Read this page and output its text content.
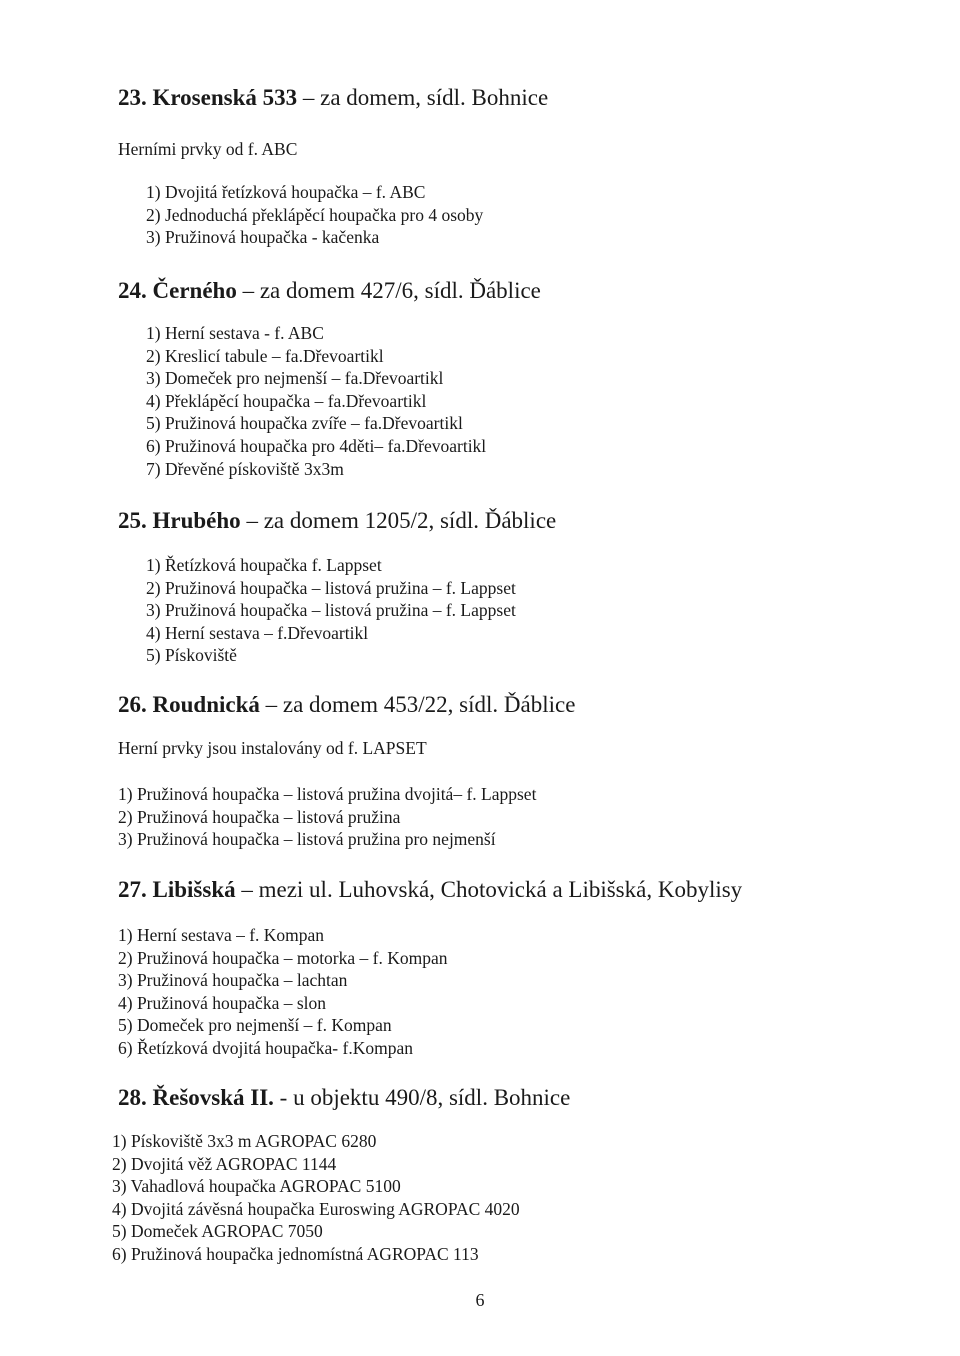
23. Krosenská 533 – za domem, sídl. Bohnice
Herními prvky od f. ABC
1) Dvojitá řetízková houpačka – f. ABC
2) Jednoduchá překlápěcí houpačka pro 4 osoby
3) Pružinová houpačka - kačenka
24. Černého – za domem 427/6, sídl. Ďáblice
1) Herní sestava - f. ABC
2) Kreslicí tabule – fa.Dřevoartikl
3) Domeček pro nejmenší – fa.Dřevoartikl
4) Překlápěcí houpačka – fa.Dřevoartikl
5) Pružinová houpačka zvíře – fa.Dřevoartikl
6) Pružinová houpačka pro 4děti– fa.Dřevoartikl
7) Dřevěné pískoviště 3x3m
25. Hrubého – za domem 1205/2, sídl. Ďáblice
1) Řetízková houpačka f. Lappset
2) Pružinová houpačka – listová pružina – f. Lappset
3) Pružinová houpačka – listová pružina – f. Lappset
4) Herní sestava – f.Dřevoartikl
5) Pískoviště
26. Roudnická – za domem 453/22, sídl. Ďáblice
Herní prvky jsou instalovány od f. LAPSET
1) Pružinová houpačka – listová pružina dvojitá– f. Lappset
2) Pružinová houpačka – listová pružina
3) Pružinová houpačka – listová pružina pro nejmenší
27. Libišská – mezi ul. Luhovská, Chotovická a Libišská, Kobylisy
1) Herní sestava – f. Kompan
2) Pružinová houpačka – motorka – f. Kompan
3) Pružinová houpačka – lachtan
4) Pružinová houpačka – slon
5) Domeček pro nejmenší – f. Kompan
6) Řetízková dvojitá houpačka- f.Kompan
28. Řešovská II. - u objektu 490/8, sídl. Bohnice
1) Pískoviště 3x3 m AGROPAC 6280
2) Dvojitá věž AGROPAC 1144
3) Vahadlová houpačka AGROPAC 5100
4) Dvojitá závěsná houpačka Euroswing AGROPAC 4020
5) Domeček AGROPAC 7050
6) Pružinová houpačka jednomístná AGROPAC 113
6
